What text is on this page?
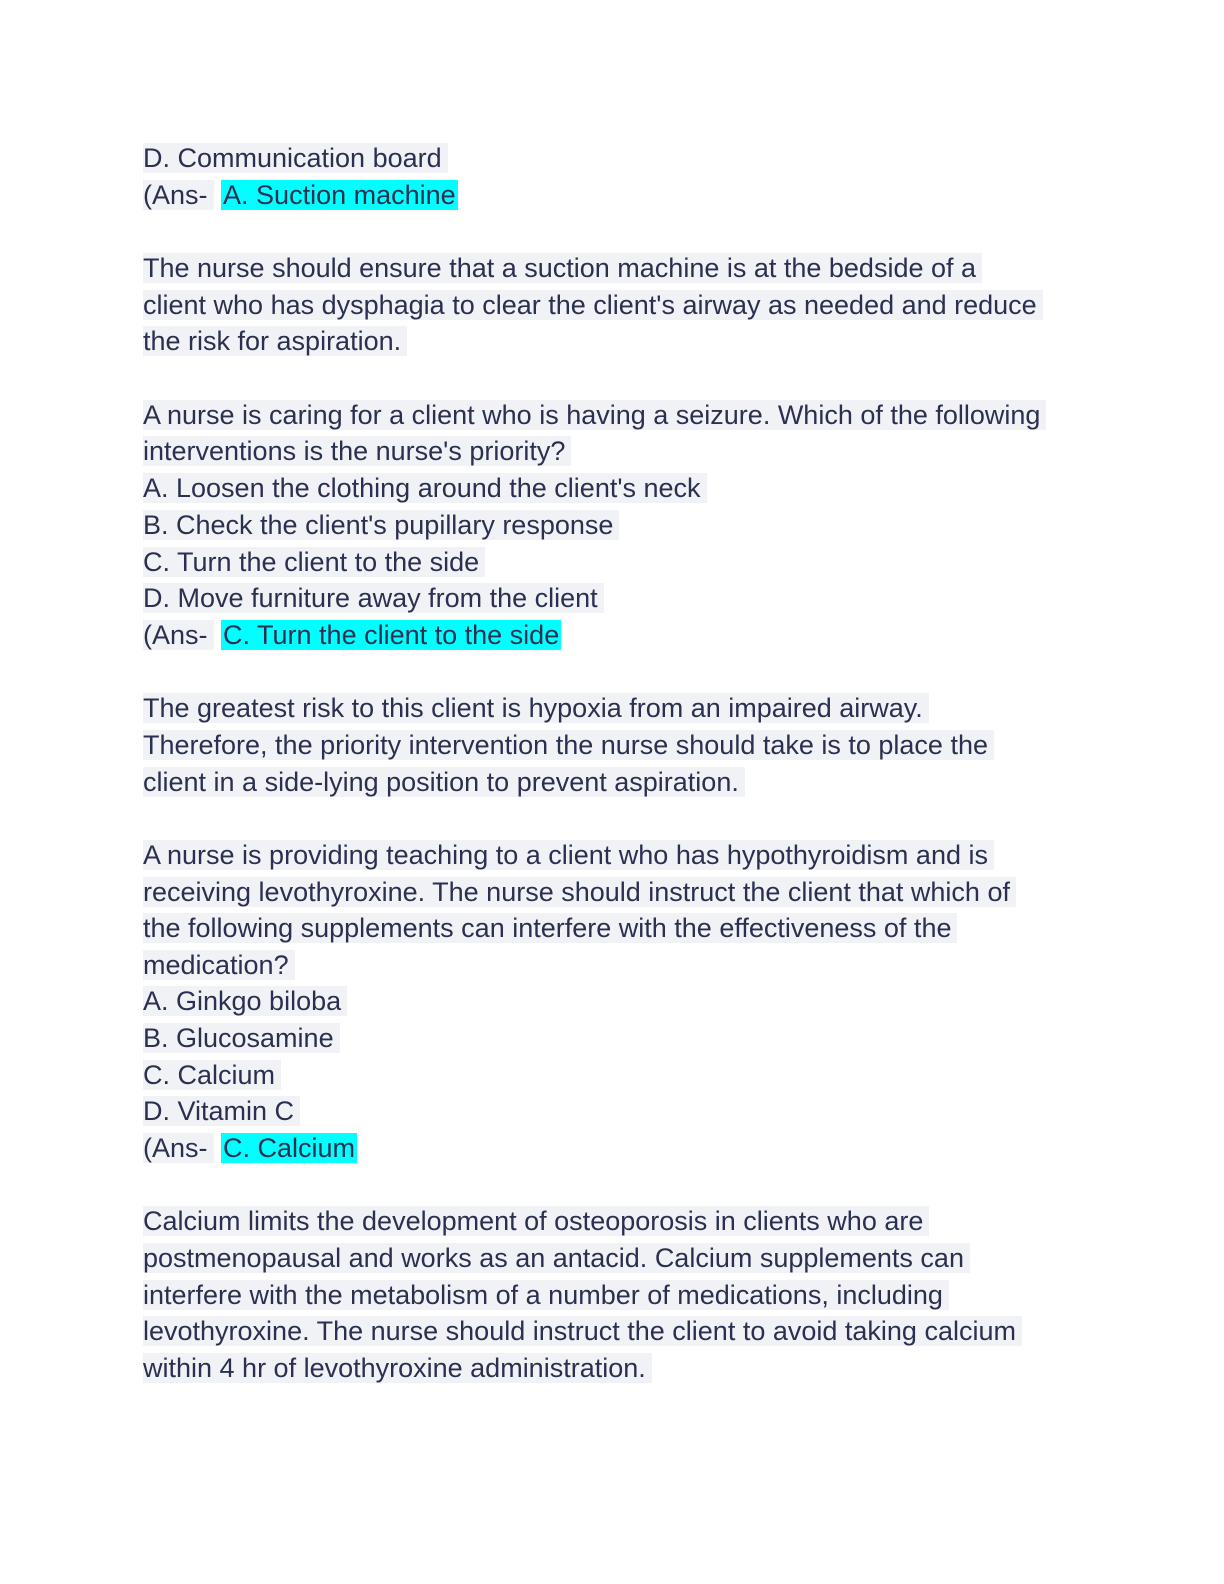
D. Communication board
(Ans- A. Suction machine
The nurse should ensure that a suction machine is at the bedside of a
client who has dysphagia to clear the client's airway as needed and reduce
the risk for aspiration.
A nurse is caring for a client who is having a seizure. Which of the following
interventions is the nurse's priority?
A. Loosen the clothing around the client's neck
B. Check the client's pupillary response
C. Turn the client to the side
D. Move furniture away from the client
(Ans- C. Turn the client to the side
The greatest risk to this client is hypoxia from an impaired airway.
Therefore, the priority intervention the nurse should take is to place the
client in a side-lying position to prevent aspiration.
A nurse is providing teaching to a client who has hypothyroidism and is
receiving levothyroxine. The nurse should instruct the client that which of
the following supplements can interfere with the effectiveness of the
medication?
A. Ginkgo biloba
B. Glucosamine
C. Calcium
D. Vitamin C
(Ans- C. Calcium
Calcium limits the development of osteoporosis in clients who are
postmenopausal and works as an antacid. Calcium supplements can
interfere with the metabolism of a number of medications, including
levothyroxine. The nurse should instruct the client to avoid taking calcium
within 4 hr of levothyroxine administration.
